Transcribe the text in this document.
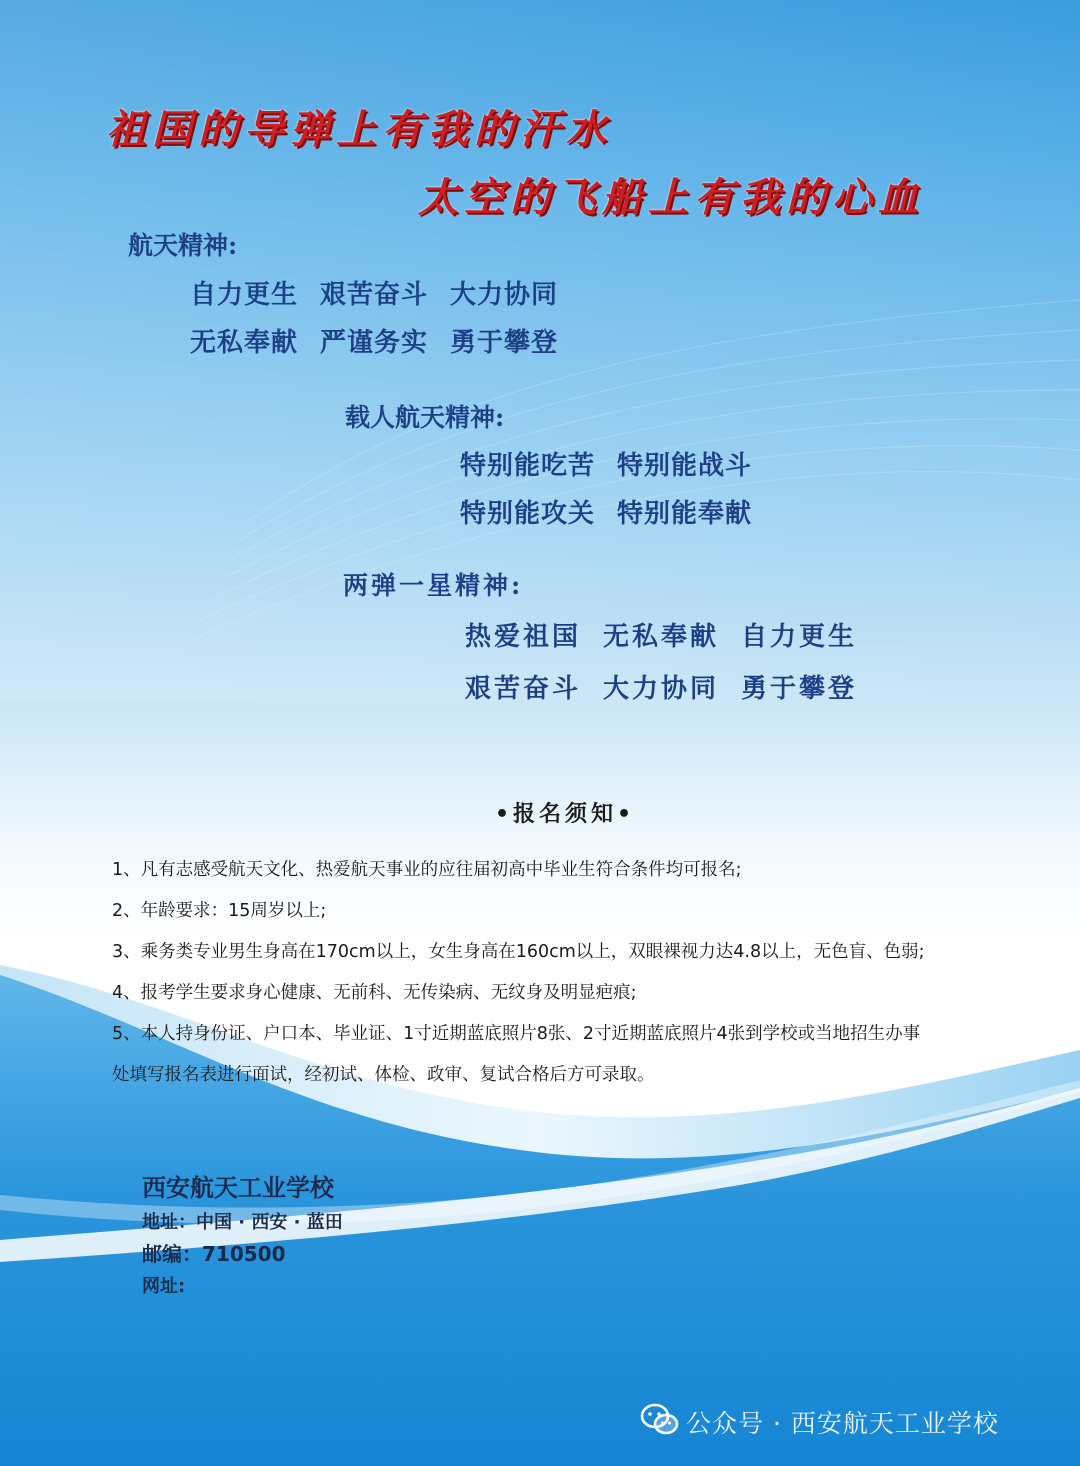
祖国的导弹上有我的汗水
太空的飞船上有我的心血
航天精神:
自力更生 艰苦奋斗 大力协同
无私奉献 严谨务实 勇于攀登
载人航天精神:
特别能吃苦 特别能战斗
特别能攻关 特别能奉献
两弹一星精神:
热爱祖国 无私奉献 自力更生
艰苦奋斗 大力协同 勇于攀登
•报名须知•
1、凡有志感受航天文化、热爱航天事业的应往届初高中毕业生符合条件均可报名;
2、年龄要求：15周岁以上;
3、乘务类专业男生身高在170cm以上，女生身高在160cm以上，双眼裸视力达4.8以上，无色盲、色弱;
4、报考学生要求身心健康、无前科、无传染病、无纹身及明显疤痕;
5、本人持身份证、户口本、毕业证、1寸近期蓝底照片8张、2寸近期蓝底照片4张到学校或当地招生办事
处填写报名表进行面试，经初试、体检、政审、复试合格后方可录取。
西安航天工业学校
地址：中国 · 西安 · 蓝田
邮编：710500
网址:
公众号 · 西安航天工业学校
